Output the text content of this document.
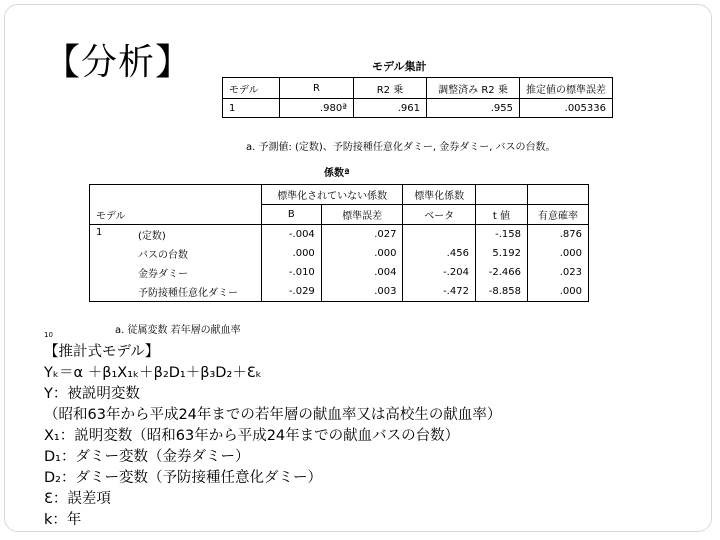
【分析】	モデル集計
モデル	R	R2 乗	調整済み R2 乗	推定値の標準誤差
1	.980ª	.961	.955	.005336
a. 予測値: (定数)、予防接種任意化ダミー, 金券ダミー, バスの台数。
係数ª
		標準化されていない係数		標準化係数		

モデル		B	標準誤差	ベータ	t 値	有意確率
1	(定数)	-.004	.027		-.158	.876
	バスの台数	.000	.000	.456	5.192	.000
	金券ダミー	-.010	.004	-.204	-2.466	.023
	予防接種任意化ダミー	-.029	.003	-.472	-8.858	.000
a. 従属変数 若年層の献血率
10
【推計式モデル】
Yₖ＝α ＋β₁X₁ₖ＋β₂D₁＋β₃D₂＋Ɛₖ
Y：被説明変数
（昭和63年から平成24年までの若年層の献血率又は高校生の献血率）
X₁：説明変数（昭和63年から平成24年までの献血バスの台数）
D₁：ダミー変数（金券ダミー）
D₂：ダミー変数（予防接種任意化ダミー）
Ɛ：誤差項
k：年
